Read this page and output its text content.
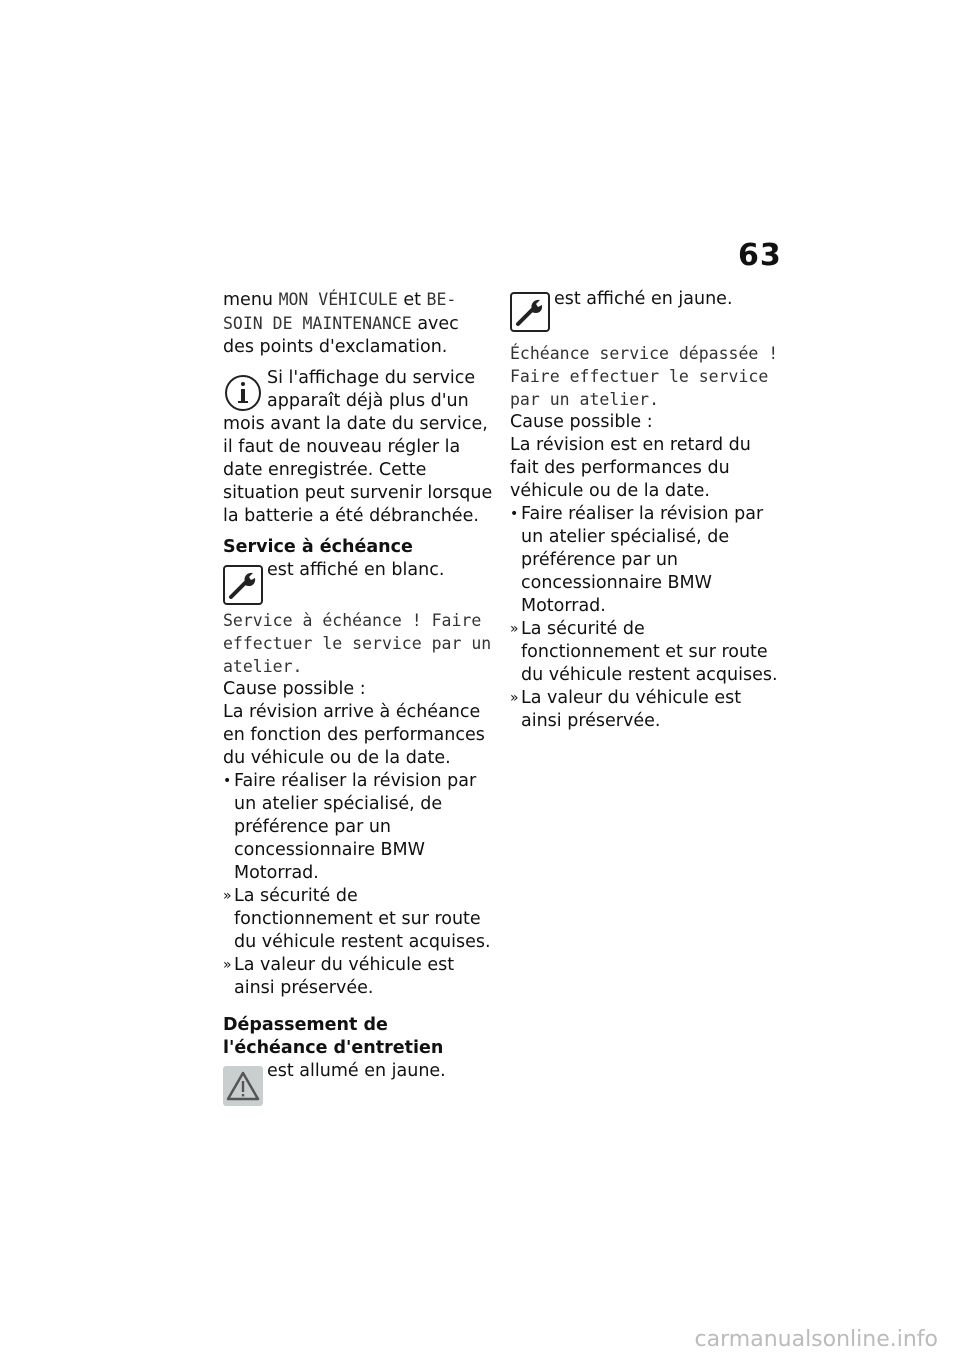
63

menu MON VÉHICULE et BE-SOIN DE MAINTENANCE avec des points d'exclamation.

Si l'affichage du service apparaît déjà plus d'un mois avant la date du service, il faut de nouveau régler la date enregistrée. Cette situation peut survenir lorsque la batterie a été débranchée.

Service à échéance

est affiché en blanc.

Service à échéance ! Faire effectuer le service par un atelier.

Cause possible :

La révision arrive à échéance en fonction des performances du véhicule ou de la date.

• Faire réaliser la révision par un atelier spécialisé, de préférence par un concessionnaire BMW Motorrad.
» La sécurité de fonctionnement et sur route du véhicule restent acquises.
» La valeur du véhicule est ainsi préservée.

Dépassement de l'échéance d'entretien

est allumé en jaune.
est affiché en jaune.

Échéance service dépassée ! Faire effectuer le service par un atelier.

Cause possible :

La révision est en retard du fait des performances du véhicule ou de la date.

• Faire réaliser la révision par un atelier spécialisé, de préférence par un concessionnaire BMW Motorrad.
» La sécurité de fonctionnement et sur route du véhicule restent acquises.
» La valeur du véhicule est ainsi préservée.
carmanualsonline.info
